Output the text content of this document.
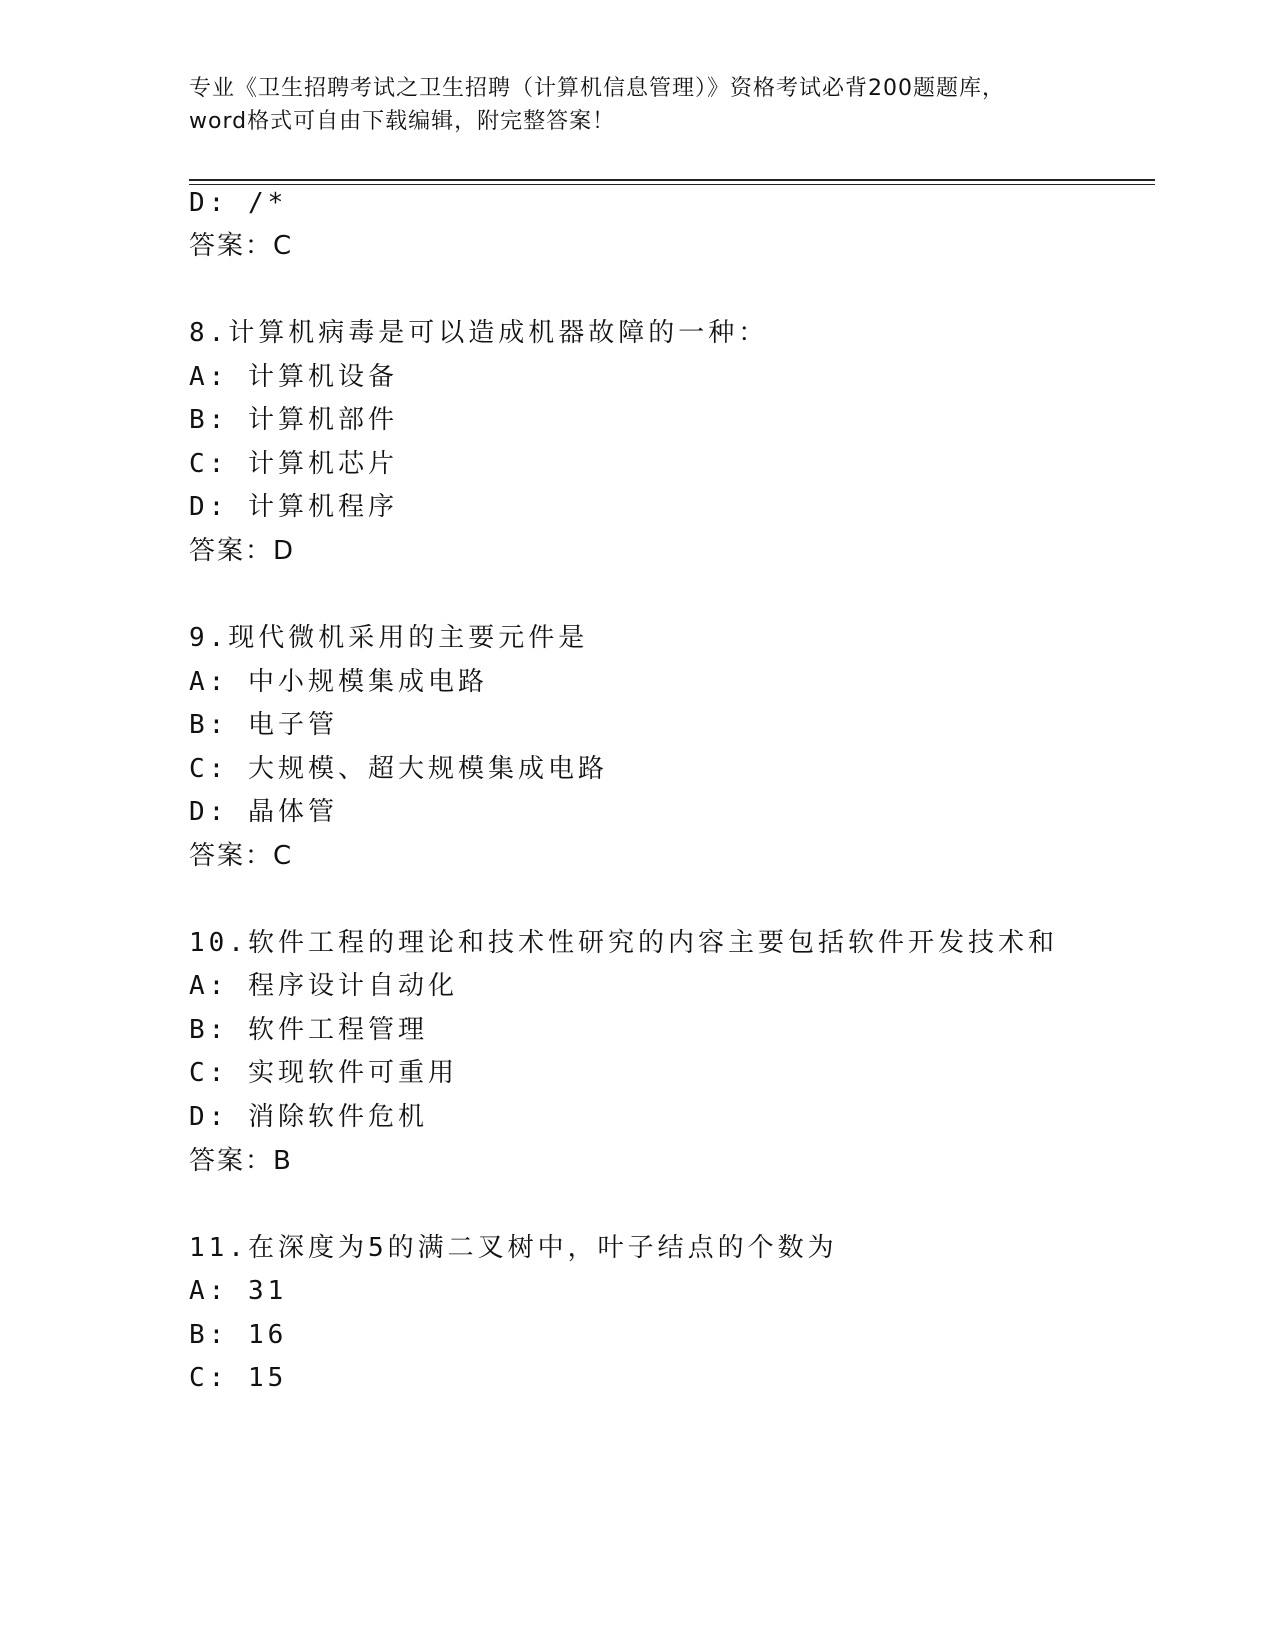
专业《卫生招聘考试之卫生招聘（计算机信息管理）》资格考试必背200题题库，
word格式可自由下载编辑，附完整答案！
D: /*
答案：C
8.计算机病毒是可以造成机器故障的一种：
A: 计算机设备
B: 计算机部件
C: 计算机芯片
D: 计算机程序
答案：D
9.现代微机采用的主要元件是
A: 中小规模集成电路
B: 电子管
C: 大规模、超大规模集成电路
D: 晶体管
答案：C
10.软件工程的理论和技术性研究的内容主要包括软件开发技术和
A: 程序设计自动化
B: 软件工程管理
C: 实现软件可重用
D: 消除软件危机
答案：B
11.在深度为5的满二叉树中，叶子结点的个数为
A: 31
B: 16
C: 15
